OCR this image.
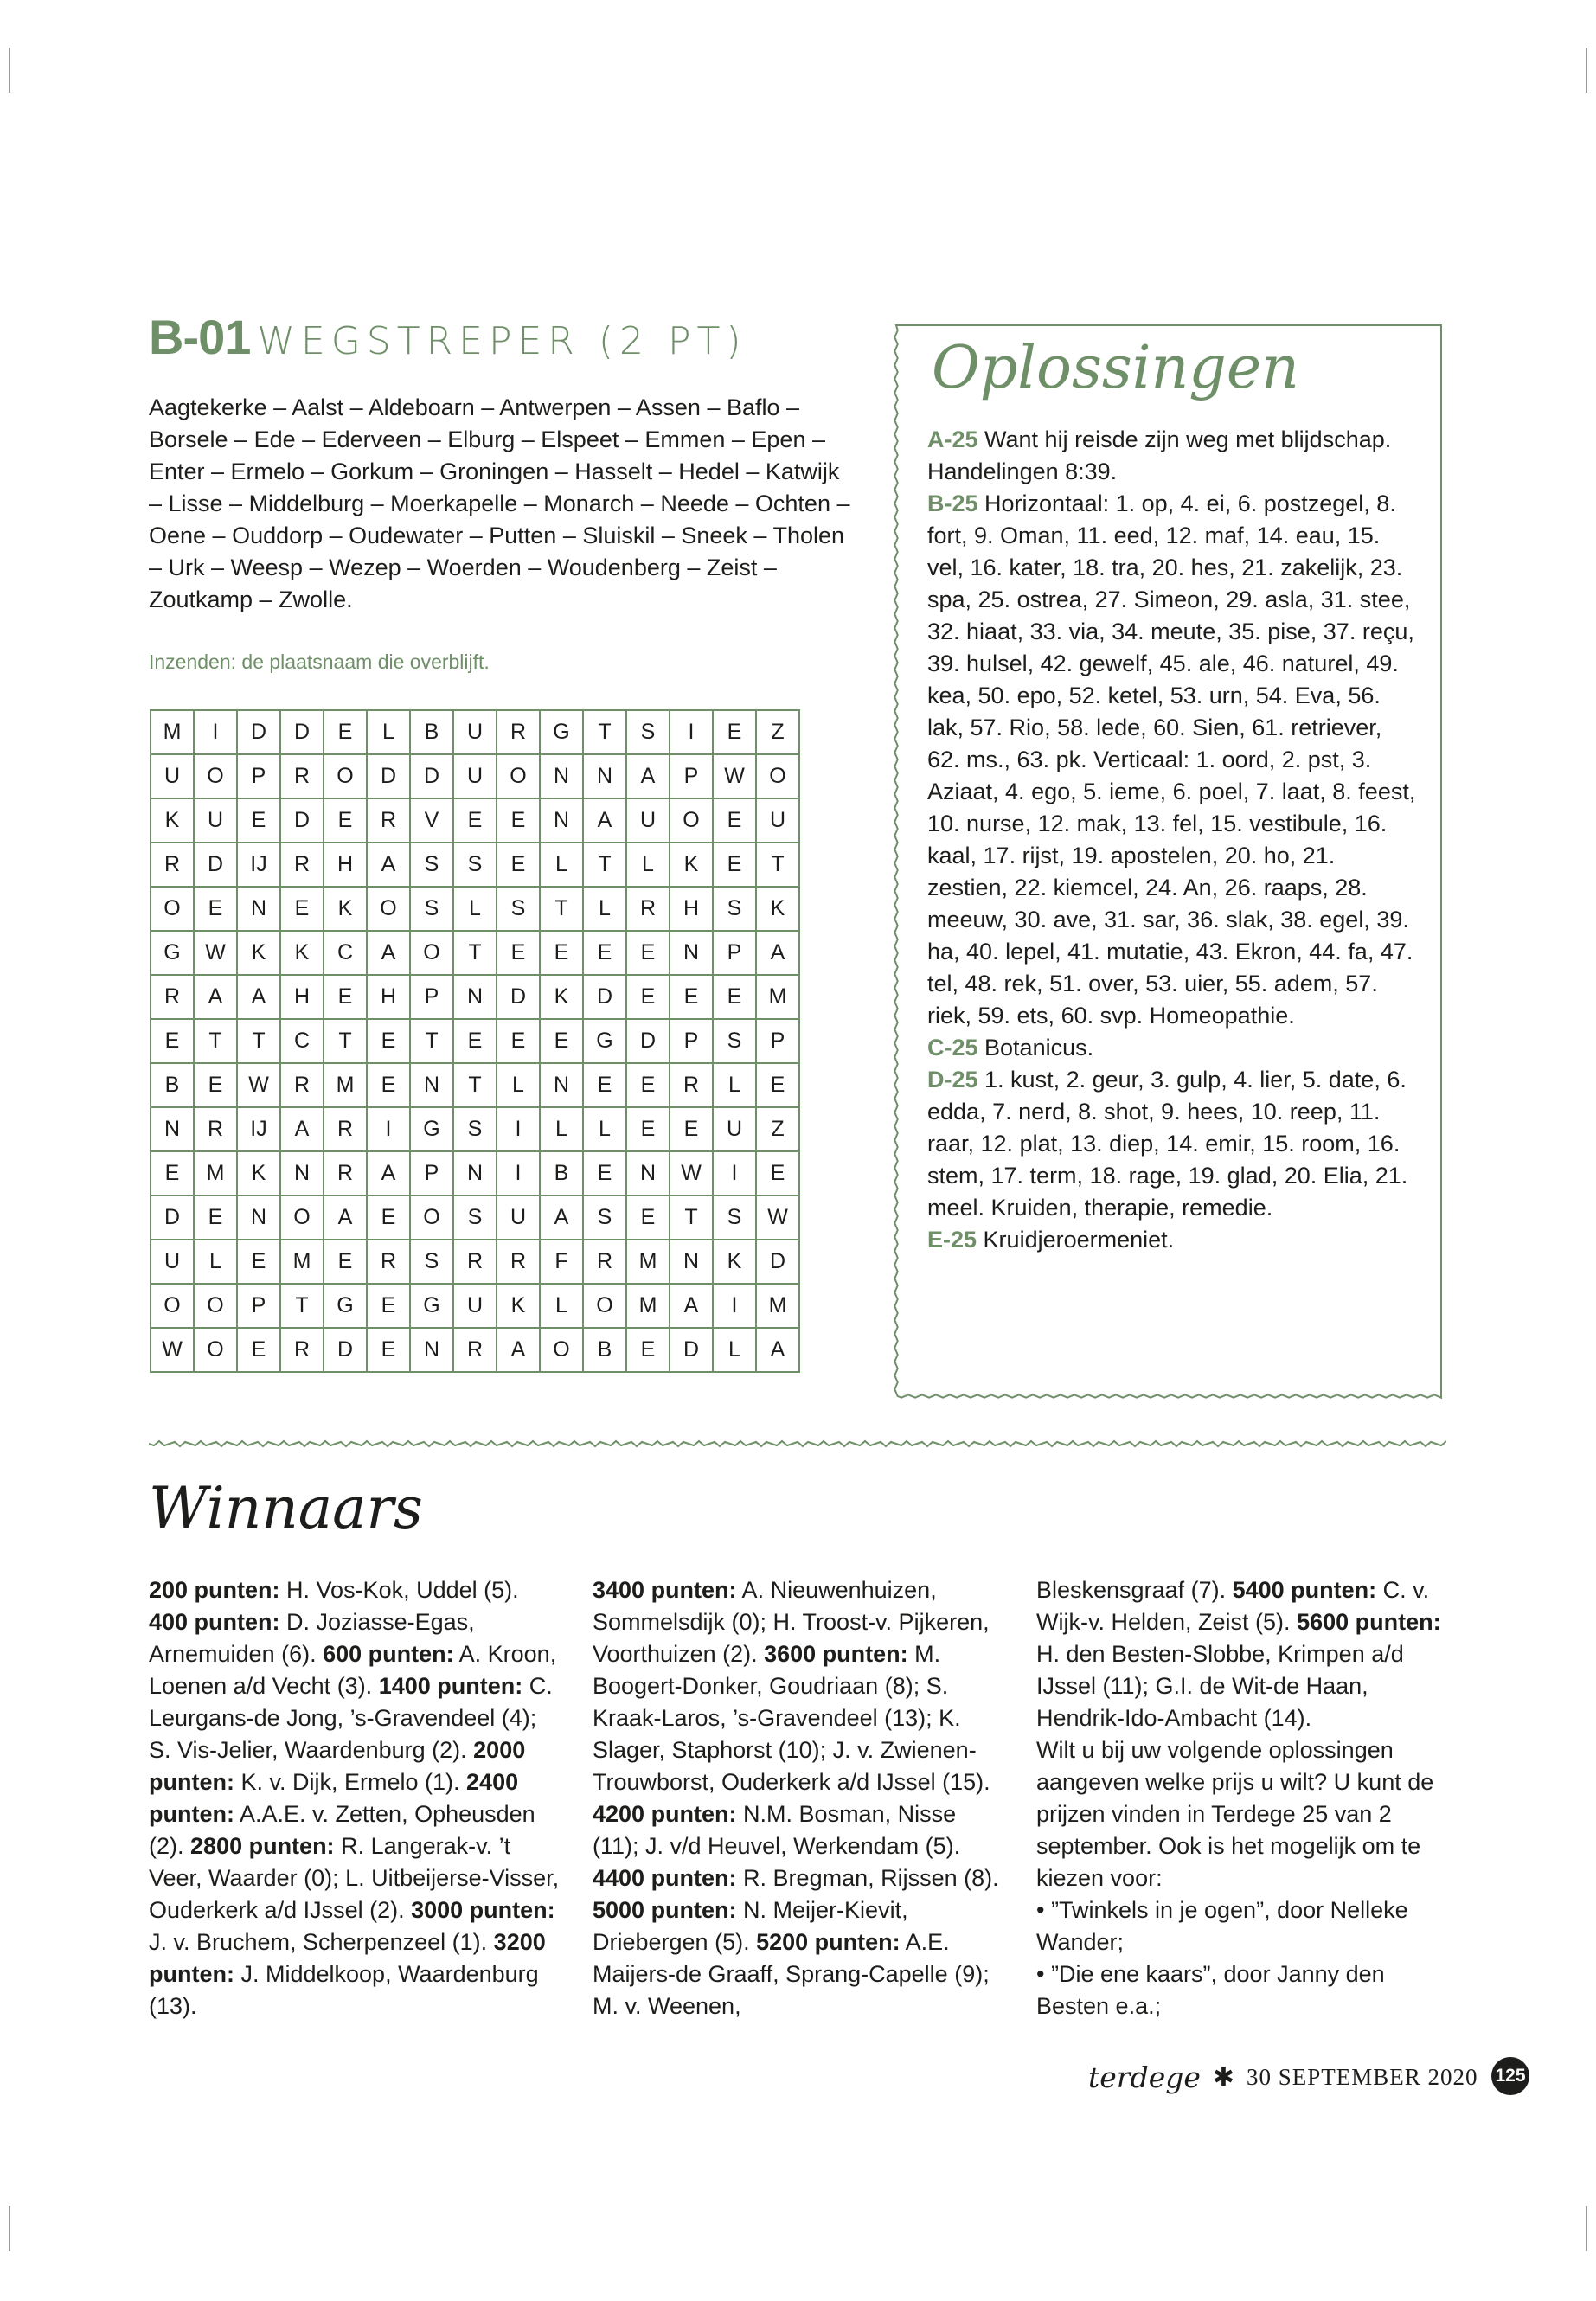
B-01 WEGSTREPER (2 PT)
Aagtekerke – Aalst – Aldeboarn – Antwerpen – Assen – Baflo – Borsele – Ede – Ederveen – Elburg – Elspeet – Emmen – Epen – Enter – Ermelo – Gorkum – Groningen – Hasselt – Hedel – Katwijk – Lisse – Middelburg – Moerkapelle – Monarch – Neede – Ochten – Oene – Ouddorp – Oudewater – Putten – Sluiskil – Sneek – Tholen – Urk – Weesp – Wezep – Woerden – Woudenberg – Zeist – Zoutkamp – Zwolle.
Inzenden: de plaatsnaam die overblijft.
M	I	D	D	E	L	B	U	R	G	T	S	I	E	Z
U	O	P	R	O	D	D	U	O	N	N	A	P	W	O
K	U	E	D	E	R	V	E	E	N	A	U	O	E	U
R	D	IJ	R	H	A	S	S	E	L	T	L	K	E	T
O	E	N	E	K	O	S	L	S	T	L	R	H	S	K
G	W	K	K	C	A	O	T	E	E	E	E	N	P	A
R	A	A	H	E	H	P	N	D	K	D	E	E	E	M
E	T	T	C	T	E	T	E	E	E	G	D	P	S	P
B	E	W	R	M	E	N	T	L	N	E	E	R	L	E
N	R	IJ	A	R	I	G	S	I	L	L	E	E	U	Z
E	M	K	N	R	A	P	N	I	B	E	N	W	I	E
D	E	N	O	A	E	O	S	U	A	S	E	T	S	W
U	L	E	M	E	R	S	R	R	F	R	M	N	K	D
O	O	P	T	G	E	G	U	K	L	O	M	A	I	M
W	O	E	R	D	E	N	R	A	O	B	E	D	L	A
Oplossingen
A-25 Want hij reisde zijn weg met blijdschap. Handelingen 8:39.
B-25 Horizontaal: 1. op, 4. ei, 6. postzegel, 8. fort, 9. Oman, 11. eed, 12. maf, 14. eau, 15. vel, 16. kater, 18. tra, 20. hes, 21. zakelijk, 23. spa, 25. ostrea, 27. Simeon, 29. asla, 31. stee, 32. hiaat, 33. via, 34. meute, 35. pise, 37. reçu, 39. hulsel, 42. gewelf, 45. ale, 46. naturel, 49. kea, 50. epo, 52. ketel, 53. urn, 54. Eva, 56. lak, 57. Rio, 58. lede, 60. Sien, 61. retriever, 62. ms., 63. pk. Verticaal: 1. oord, 2. pst, 3. Aziaat, 4. ego, 5. ieme, 6. poel, 7. laat, 8. feest, 10. nurse, 12. mak, 13. fel, 15. vestibule, 16. kaal, 17. rijst, 19. apostelen, 20. ho, 21. zestien, 22. kiemcel, 24. An, 26. raaps, 28. meeuw, 30. ave, 31. sar, 36. slak, 38. egel, 39. ha, 40. lepel, 41. mutatie, 43. Ekron, 44. fa, 47. tel, 48. rek, 51. over, 53. uier, 55. adem, 57. riek, 59. ets, 60. svp. Homeopathie.
C-25 Botanicus.
D-25 1. kust, 2. geur, 3. gulp, 4. lier, 5. date, 6. edda, 7. nerd, 8. shot, 9. hees, 10. reep, 11. raar, 12. plat, 13. diep, 14. emir, 15. room, 16. stem, 17. term, 18. rage, 19. glad, 20. Elia, 21. meel. Kruiden, therapie, remedie.
E-25 Kruidjeroermeniet.
Winnaars
200 punten: H. Vos-Kok, Uddel (5). 400 punten: D. Joziasse-Egas, Arnemuiden (6). 600 punten: A. Kroon, Loenen a/d Vecht (3). 1400 punten: C. Leurgans-de Jong, ’s-Gravendeel (4); S. Vis-Jelier, Waardenburg (2). 2000 punten: K. v. Dijk, Ermelo (1). 2400 punten: A.A.E. v. Zetten, Opheusden (2). 2800 punten: R. Langerak-v. ’t Veer, Waarder (0); L. Uitbeijerse-Visser, Ouderkerk a/d IJssel (2). 3000 punten: J. v. Bruchem, Scherpenzeel (1). 3200 punten: J. Middelkoop, Waardenburg (13).
3400 punten: A. Nieuwenhuizen, Sommelsdijk (0); H. Troost-v. Pijkeren, Voorthuizen (2). 3600 punten: M. Boogert-Donker, Goudriaan (8); S. Kraak-Laros, ’s-Gravendeel (13); K. Slager, Staphorst (10); J. v. Zwienen-Trouwborst, Ouderkerk a/d IJssel (15). 4200 punten: N.M. Bosman, Nisse (11); J. v/d Heuvel, Werkendam (5). 4400 punten: R. Bregman, Rijssen (8). 5000 punten: N. Meijer-Kievit, Driebergen (5). 5200 punten: A.E. Maijers-de Graaff, Sprang-Capelle (9); M. v. Weenen,
Bleskensgraaf (7). 5400 punten: C. v. Wijk-v. Helden, Zeist (5). 5600 punten: H. den Besten-Slobbe, Krimpen a/d IJssel (11); G.I. de Wit-de Haan, Hendrik-Ido-Ambacht (14).
Wilt u bij uw volgende oplossingen aangeven welke prijs u wilt? U kunt de prijzen vinden in Terdege 25 van 2 september. Ook is het mogelijk om te kiezen voor:
• ”Twinkels in je ogen”, door Nelleke Wander;
• ”Die ene kaars”, door Janny den Besten e.a.;
terdege ✱ 30 SEPTEMBER 2020 125
